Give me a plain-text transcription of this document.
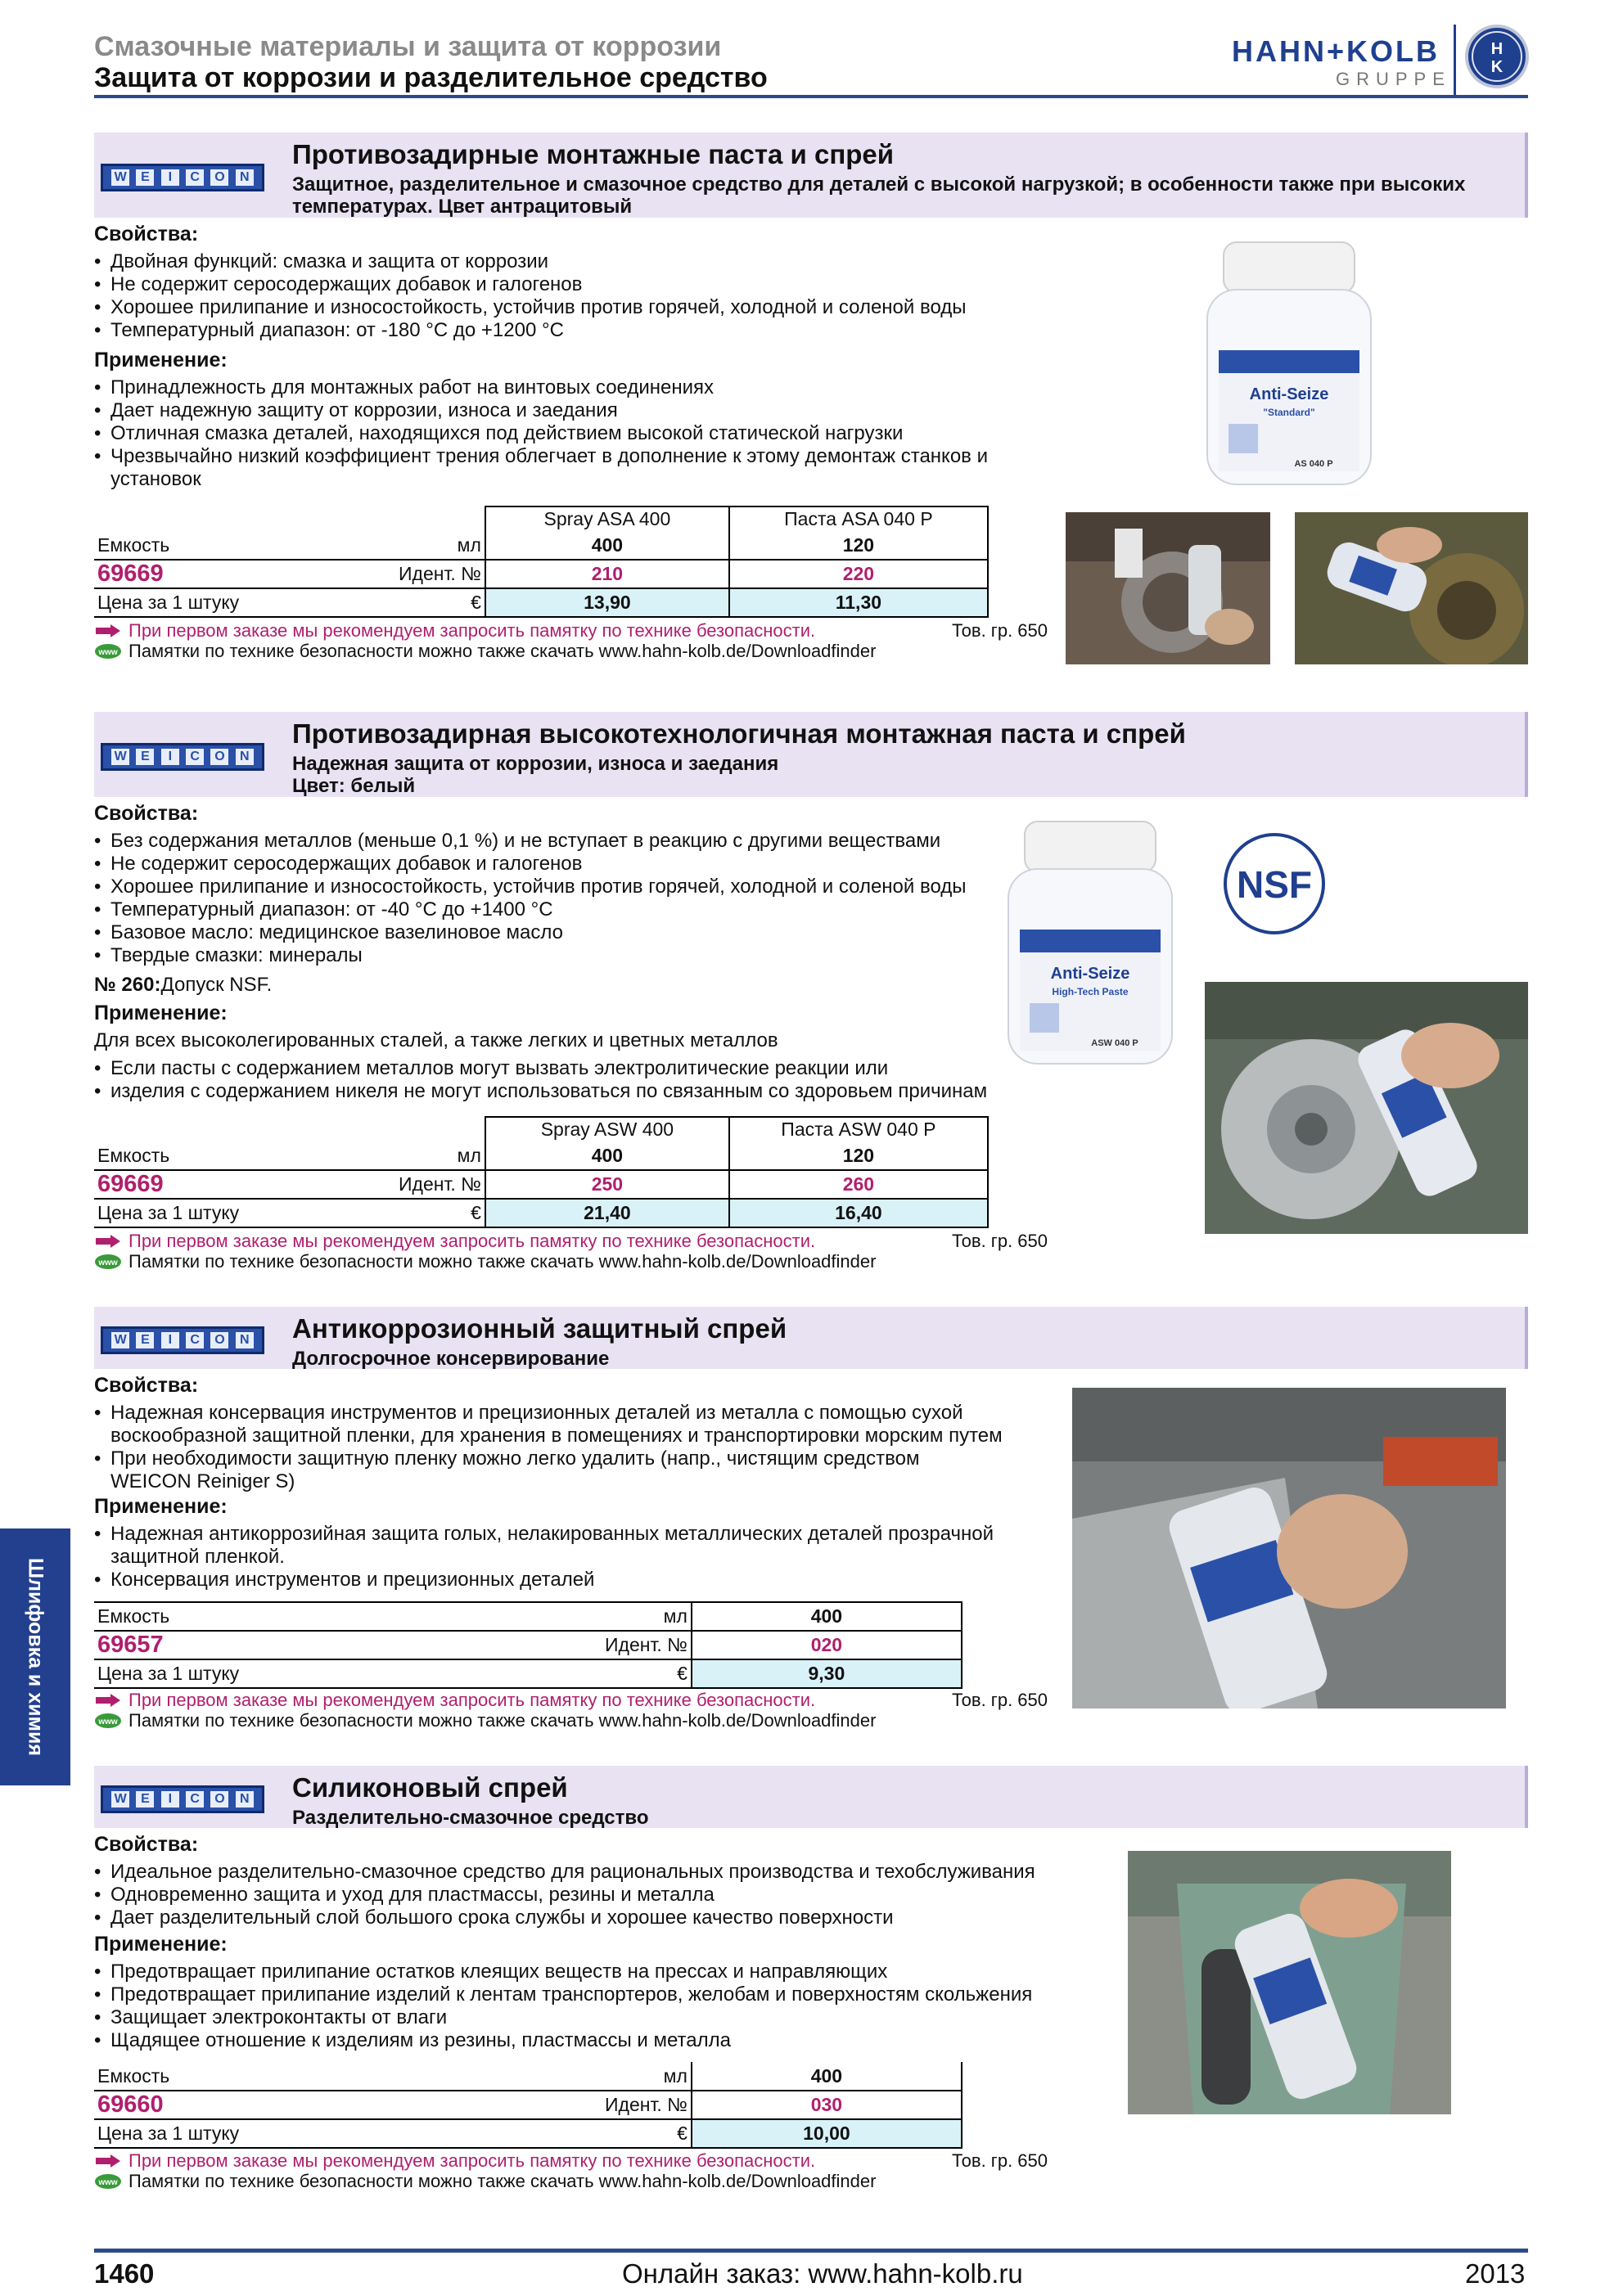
Смазочные материалы и защита от коррозии
Защита от коррозии и разделительное средство
HAHN+KOLB
GRUPPE
H
K
Шлифовка и химия
W	E	I	C	O	N
Противозадирные монтажные паста и спрей
Защитное, разделительное и смазочное средство для деталей с высокой нагрузкой; в особенности также при высоких температурах. Цвет антрацитовый
Свойства:
• Двойная функций: смазка и защита от коррозии
• Не содержит серосодержащих добавок и галогенов
• Хорошее прилипание и износостойкость, устойчив против горячей, холодной и соленой воды
• Температурный диапазон: от -180 °C до +1200 °C
Применение:
• Принадлежность для монтажных работ на винтовых соединениях
• Дает надежную защиту от коррозии, износа и заедания
• Отличная смазка деталей, находящихся под действием высокой статической нагрузки
• Чрезвычайно низкий коэффициент трения облегчает в дополнение к этому демонтаж станков и установок
		Spray ASA 400	Паста ASA 040 P
Емкость	мл	400	120
69669	Идент. №	210	220
Цена за 1 штуку	€	13,90	11,30
При первом заказе мы рекомендуем запросить памятку по технике безопасности.	Тов. гр. 650

www Памятки по технике безопасности можно также скачать www.hahn-kolb.de/Downloadfinder
Anti-Seize
"Standard"
AS 040 P
W	E	I	C	O	N
Противозадирная высокотехнологичная монтажная паста и спрей
Надежная защита от коррозии, износа и заедания
Цвет: белый
Свойства:
• Без содержания металлов (меньше 0,1 %) и не вступает в реакцию с другими веществами
• Не содержит серосодержащих добавок и галогенов
• Хорошее прилипание и износостойкость, устойчив против горячей, холодной и соленой воды
• Температурный диапазон: от -40 °C до +1400 °C
• Базовое масло: медицинское вазелиновое масло
• Твердые смазки: минералы
№ 260:Допуск NSF.
Применение:
Для всех высоколегированных сталей, а также легких и цветных металлов
• Если пасты с содержанием металлов могут вызвать электролитические реакции или
• изделия с содержанием никеля не могут использоваться по связанным со здоровьем причинам
		Spray ASW 400	Паста ASW 040 P
Емкость	мл	400	120
69669	Идент. №	250	260
Цена за 1 штуку	€	21,40	16,40
При первом заказе мы рекомендуем запросить памятку по технике безопасности.	Тов. гр. 650

www Памятки по технике безопасности можно также скачать www.hahn-kolb.de/Downloadfinder
Anti-Seize
High-Tech Paste
ASW 040 P
NSF
W	E	I	C	O	N Антикоррозионный защитный спрей
Долгосрочное консервирование
Свойства:
• Надежная консервация инструментов и прецизионных деталей из металла с помощью сухой воскообразной защитной пленки, для хранения в помещениях и транспортировки морским путем
• При необходимости защитную пленку можно легко удалить (напр., чистящим средством WEICON Reiniger S)
Применение:
• Надежная антикоррозийная защита голых, нелакированных металлических деталей прозрачной защитной пленкой.
• Консервация инструментов и прецизионных деталей
Емкость	мл	400
69657	Идент. №	020
Цена за 1 штуку	€	9,30
При первом заказе мы рекомендуем запросить памятку по технике безопасности.	Тов. гр. 650

www Памятки по технике безопасности можно также скачать www.hahn-kolb.de/Downloadfinder
W	E	I	C	O	N Силиконовый спрей
Разделительно-смазочное средство
Свойства:
• Идеальное разделительно-смазочное средство для рациональных производства и техобслуживания
• Одновременно защита и уход для пластмассы, резины и металла
• Дает разделительный слой большого срока службы и хорошее качество поверхности
Применение:
• Предотвращает прилипание остатков клеящих веществ на прессах и направляющих
• Предотвращает прилипание изделий к лентам транспортеров, желобам и поверхностям скольжения
• Защищает электроконтакты от влаги
• Щадящее отношение к изделиям из резины, пластмассы и металла
Емкость	мл	400
69660	Идент. №	030
Цена за 1 штуку	€	10,00
При первом заказе мы рекомендуем запросить памятку по технике безопасности.	Тов. гр. 650

www Памятки по технике безопасности можно также скачать www.hahn-kolb.de/Downloadfinder
1460	Онлайн заказ: www.hahn-kolb.ru	2013
